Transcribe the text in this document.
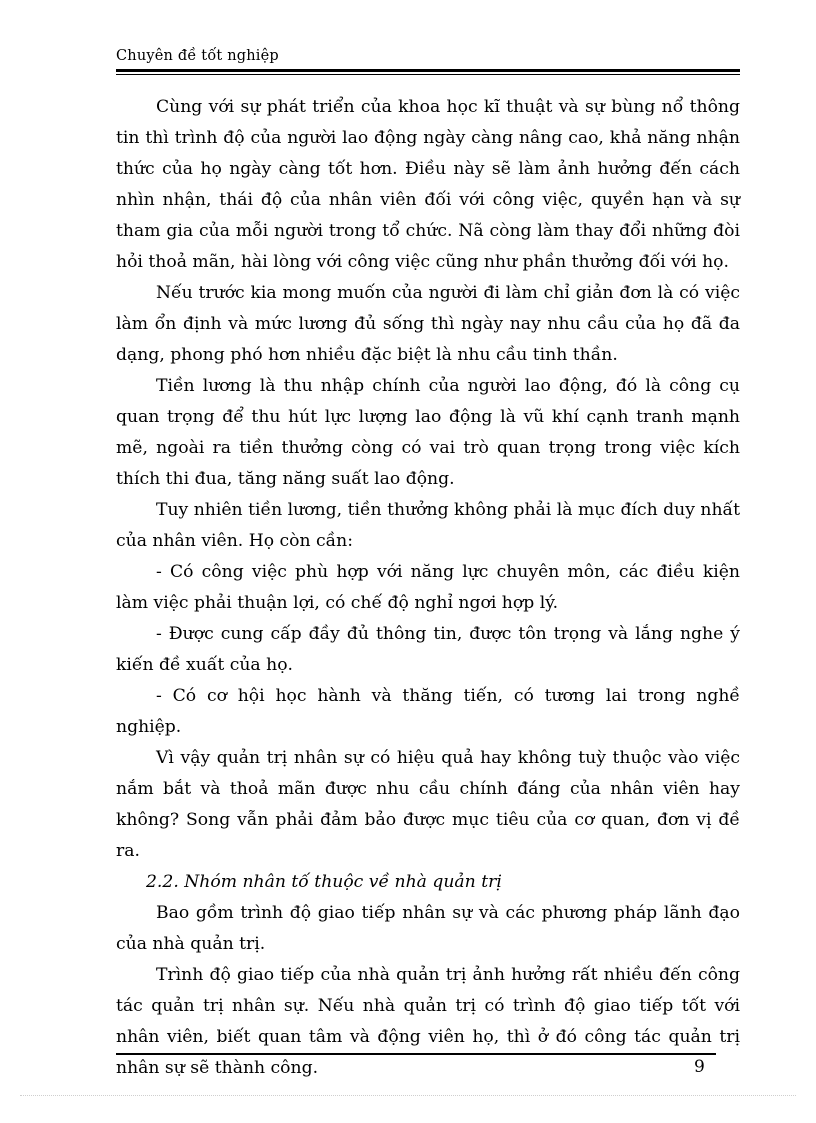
Chuyên đề tốt nghiệp

Cùng với sự phát triển của khoa học kĩ thuật và sự bùng nổ thông tin thì trình độ của người lao động ngày càng nâng cao, khả năng nhận thức của họ ngày càng tốt hơn. Điều này sẽ làm ảnh hưởng đến cách nhìn nhận, thái độ của nhân viên đối với công việc, quyền hạn và sự tham gia của mỗi người trong tổ chức. Nã còng làm thay đổi những đòi hỏi thoả mãn, hài lòng với công việc cũng như phần thưởng đối với họ.

Nếu trước kia mong muốn của người đi làm chỉ giản đơn là có việc làm ổn định và mức lương đủ sống thì ngày nay nhu cầu của họ đã đa dạng, phong phó hơn nhiều đặc biệt là nhu cầu tinh thần.

Tiền lương là thu nhập chính của người lao động, đó là công cụ quan trọng để thu hút lực lượng lao động là vũ khí cạnh tranh mạnh mẽ, ngoài ra tiền thưởng còng có vai trò quan trọng trong việc kích thích thi đua, tăng năng suất lao động.

Tuy nhiên tiền lương, tiền thưởng không phải là mục đích duy nhất của nhân viên. Họ còn cần:

- Có công việc phù hợp với năng lực chuyên môn, các điều kiện làm việc phải thuận lợi, có chế độ nghỉ ngơi hợp lý.

- Được cung cấp đầy đủ thông tin, được tôn trọng và lắng nghe ý kiến đề xuất của họ.

- Có cơ hội học hành và thăng tiến, có tương lai trong nghề nghiệp.

Vì vậy quản trị nhân sự có hiệu quả hay không tuỳ thuộc vào việc nắm bắt và thoả mãn được nhu cầu chính đáng của nhân viên hay không? Song vẫn phải đảm bảo được mục tiêu của cơ quan, đơn vị đề ra.

2.2. Nhóm nhân tố thuộc về nhà quản trị

Bao gồm trình độ giao tiếp nhân sự và các phương pháp lãnh đạo của nhà quản trị.

Trình độ giao tiếp của nhà quản trị ảnh hưởng rất nhiều đến công tác quản trị nhân sự. Nếu nhà quản trị có trình độ giao tiếp tốt với nhân viên, biết quan tâm và động viên họ, thì ở đó công tác quản trị nhân sự sẽ thành công.	9
